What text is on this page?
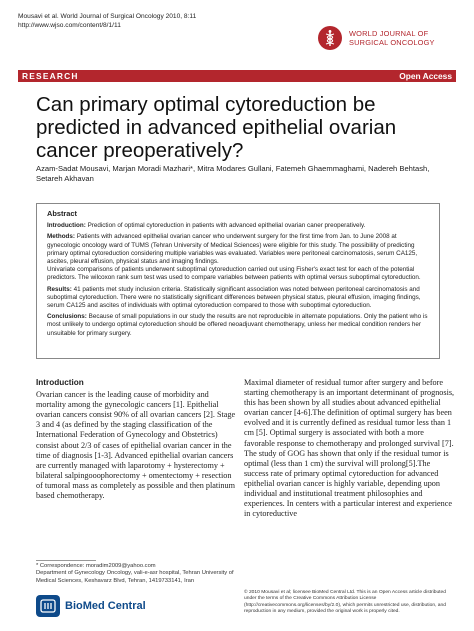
Mousavi et al. World Journal of Surgical Oncology 2010, 8:11
http://www.wjso.com/content/8/1/11
WORLD JOURNAL OF
SURGICAL ONCOLOGY
RESEARCH	Open Access
Can primary optimal cytoreduction be predicted in advanced epithelial ovarian cancer preoperatively?
Azam-Sadat Mousavi, Marjan Moradi Mazhari*, Mitra Modares Gullani, Fatemeh Ghaemmaghami, Nadereh Behtash, Setareh Akhavan
Abstract

Introduction: Prediction of optimal cytoreduction in patients with advanced epithelial ovarian caner preoperatively.

Methods: Patients with advanced epithelial ovarian cancer who underwent surgery for the first time from Jan. to June 2008 at gynecologic oncology ward of TUMS (Tehran University of Medical Sciences) were eligible for this study. The possibility of predicting primary optimal cytoreduction considering multiple variables was evaluated. Variables were peritoneal carcinomatosis, serum CA125, ascites, pleural effusion, physical status and imaging findings.
Univariate comparisons of patients underwent suboptimal cytoreduction carried out using Fisher's exact test for each of the potential predictors. The wilcoxon rank sum test was used to compare variables between patients with optimal versus suboptimal cytoreduction.

Results: 41 patients met study inclusion criteria. Statistically significant association was noted between peritoneal carcinomatosis and suboptimal cytoreduction. There were no statistically significant differences between physical status, pleural effusion, imaging findings, serum CA125 and ascites of individuals with optimal cytoreduction compared to those with suboptimal cytoreduction.

Conclusions: Because of small populations in our study the results are not reproducible in alternate populations. Only the patient who is most unlikely to undergo optimal cytoreduction should be offered neoadjuvant chemotherapy, unless her medical condition renders her unsuitable for primary surgery.

Introduction
Ovarian cancer is the leading cause of morbidity and mortality among the gynecologic cancers [1]. Epithelial ovarian cancers consist 90% of all ovarian cancers [2]. Stage 3 and 4 (as defined by the staging classification of the International Federation of Gynecology and Obstetrics) consist about 2/3 of cases of epithelial ovarian cancer in the time of diagnosis [1-3]. Advanced epithelial ovarian cancers are currently managed with laparotomy + hysterectomy + bilateral salpingooophorectomy + omentectomy + resection of tumoral mass as completely as possible and then platinum based chemotherapy.
Maximal diameter of residual tumor after surgery and before starting chemotherapy is an important determinant of prognosis, this has been shown by all studies about advanced epithelial ovarian cancer [4-6].The definition of optimal surgery has been evolved and it is currently defined as residual tumor less than 1 cm [5]. Optimal surgery is associated with both a more favorable response to chemotherapy and prolonged survival [7]. The study of GOG has shown that only if the residual tumor is optimal (less than 1 cm) the survival will prolong[5].The success rate of primary optimal cytoreduction for advanced epithelial ovarian cancer is highly variable, depending upon individual and institutional treatment philosophies and experiences. In centers with a particular interest and experience in cytoreductive
* Correspondence: moradim2009@yahoo.com
Department of Gynecology Oncology, vali-e-asr hospital, Tehran University of Medical Sciences, Keshavarz Blvd, Tehran, 1419733141, Iran
BioMed Central
© 2010 Mousavi et al; licensee BioMed Central Ltd. This is an Open Access article distributed under the terms of the Creative Commons Attribution License (http://creativecommons.org/licenses/by/2.0), which permits unrestricted use, distribution, and reproduction in any medium, provided the original work is properly cited.
